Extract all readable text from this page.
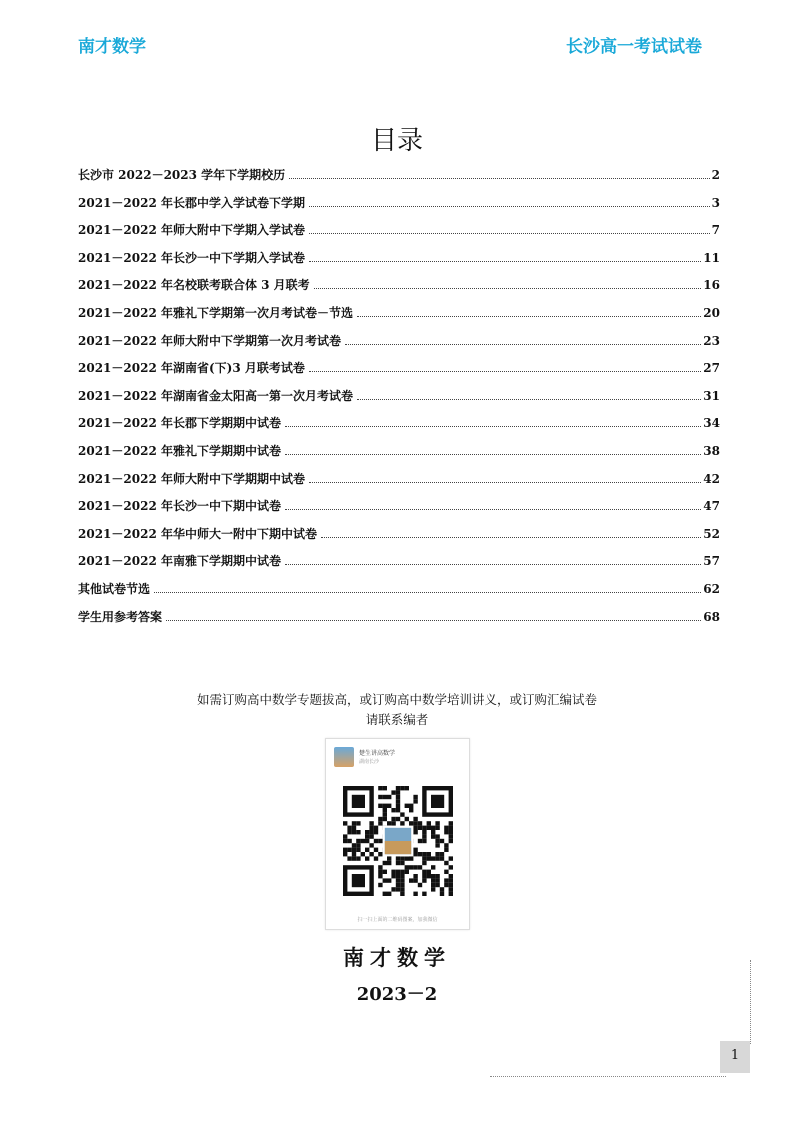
南才数学	长沙高一考试试卷
目录
长沙市 2022－2023 学年下学期校历	2
2021－2022 年长郡中学入学试卷下学期	3
2021－2022 年师大附中下学期入学试卷	7
2021－2022 年长沙一中下学期入学试卷	11
2021－2022 年名校联考联合体 3 月联考	16
2021－2022 年雅礼下学期第一次月考试卷－节选	20
2021－2022 年师大附中下学期第一次月考试卷	23
2021－2022 年湖南省(下)3 月联考试卷	27
2021－2022 年湖南省金太阳高一第一次月考试卷	31
2021－2022 年长郡下学期期中试卷	34
2021－2022 年雅礼下学期期中试卷	38
2021－2022 年师大附中下学期期中试卷	42
2021－2022 年长沙一中下期中试卷	47
2021－2022 年华中师大一附中下期中试卷	52
2021－2022 年南雅下学期期中试卷	57
其他试卷节选	62
学生用参考答案	68
如需订购高中数学专题拔高，或订购高中数学培训讲义，或订购汇编试卷
请联系编者
楚生讲高数学
湖南长沙
扫一扫上面的二维码图案，加我微信
南才数学
2023－2
1
